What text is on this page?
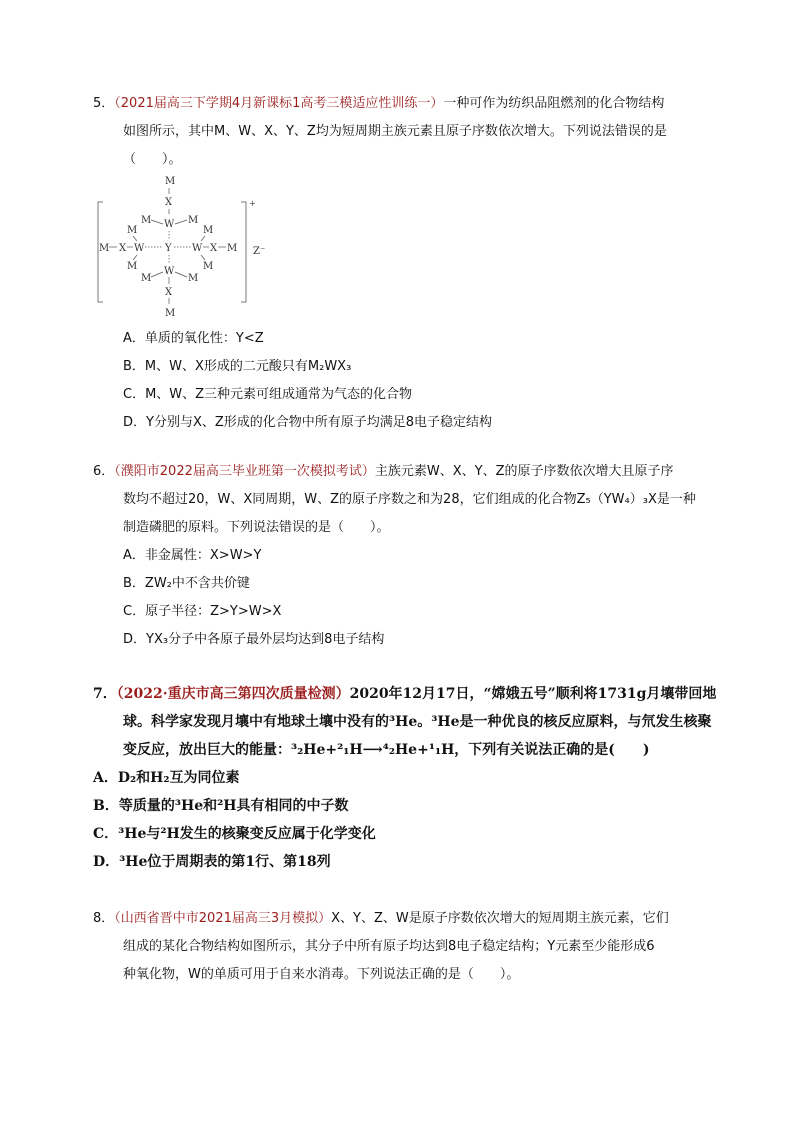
5．（2021届高三下学期4月新课标1高考三模适应性训练一）一种可作为纺织品阻燃剂的化合物结构
如图所示，其中M、W、X、Y、Z均为短周期主族元素且原子序数依次增大。下列说法错误的是
（　　）。
+
Z⁻
Y
M
X
W
M	M
M X W	W X M
M
M
M
M
W
M	M
X
M
A．单质的氧化性：Y<Z
B．M、W、X形成的二元酸只有M₂WX₃
C．M、W、Z三种元素可组成通常为气态的化合物
D．Y分别与X、Z形成的化合物中所有原子均满足8电子稳定结构
6．（濮阳市2022届高三毕业班第一次模拟考试）主族元素W、X、Y、Z的原子序数依次增大且原子序
数均不超过20，W、X同周期，W、Z的原子序数之和为28，它们组成的化合物Z₅（YW₄）₃X是一种
制造磷肥的原料。下列说法错误的是（　　）。
A．非金属性：X>W>Y
B．ZW₂中不含共价键
C．原子半径：Z>Y>W>X
D．YX₃分子中各原子最外层均达到8电子结构
7．（2022·重庆市高三第四次质量检测）2020年12月17日，“嫦娥五号”顺利将1731g月壤带回地
球。科学家发现月壤中有地球土壤中没有的³He。³He是一种优良的核反应原料，与氘发生核聚
变反应，放出巨大的能量：³₂He+²₁H⟶⁴₂He+¹₁H，下列有关说法正确的是(　　)
A．D₂和H₂互为同位素
B．等质量的³He和²H具有相同的中子数
C．³He与²H发生的核聚变反应属于化学变化
D．³He位于周期表的第1行、第18列
8．（山西省晋中市2021届高三3月模拟）X、Y、Z、W是原子序数依次增大的短周期主族元素，它们
组成的某化合物结构如图所示，其分子中所有原子均达到8电子稳定结构；Y元素至少能形成6
种氧化物，W的单质可用于自来水消毒。下列说法正确的是（　　）。
